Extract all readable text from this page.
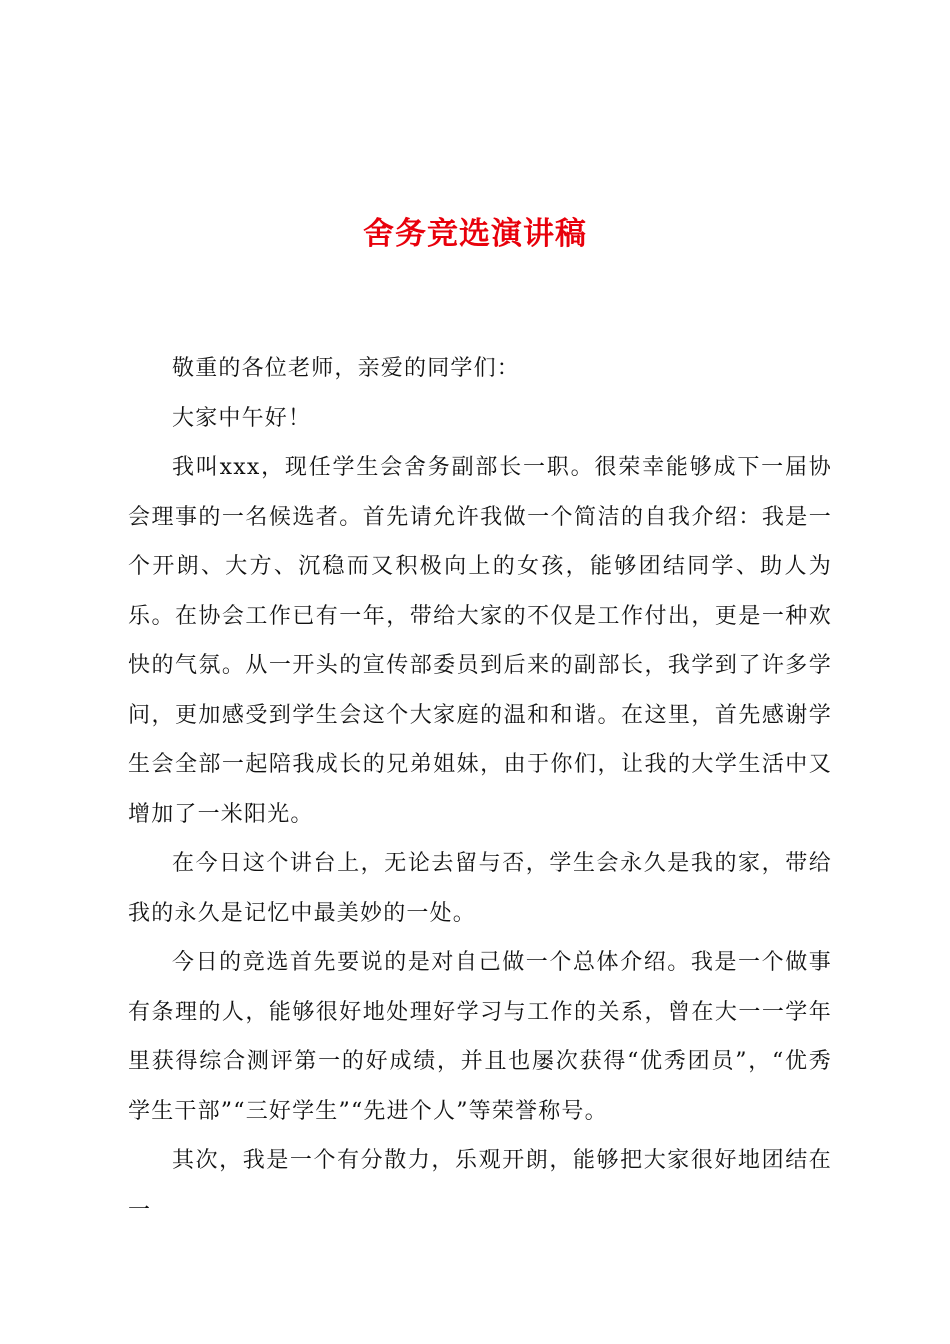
舍务竞选演讲稿

敬重的各位老师，亲爱的同学们：

大家中午好！

我叫xxx，现任学生会舍务副部长一职。很荣幸能够成下一届协会理事的一名候选者。首先请允许我做一个简洁的自我介绍：我是一个开朗、大方、沉稳而又积极向上的女孩，能够团结同学、助人为乐。在协会工作已有一年，带给大家的不仅是工作付出，更是一种欢快的气氛。从一开头的宣传部委员到后来的副部长，我学到了许多学问，更加感受到学生会这个大家庭的温和和谐。在这里，首先感谢学生会全部一起陪我成长的兄弟姐妹，由于你们，让我的大学生活中又增加了一米阳光。

在今日这个讲台上，无论去留与否，学生会永久是我的家，带给我的永久是记忆中最美妙的一处。

今日的竞选首先要说的是对自己做一个总体介绍。我是一个做事有条理的人，能够很好地处理好学习与工作的关系，曾在大一一学年里获得综合测评第一的好成绩，并且也屡次获得“优秀团员”，“优秀学生干部”“三好学生”“先进个人”等荣誉称号。

其次，我是一个有分散力，乐观开朗，能够把大家很好地团结在一
